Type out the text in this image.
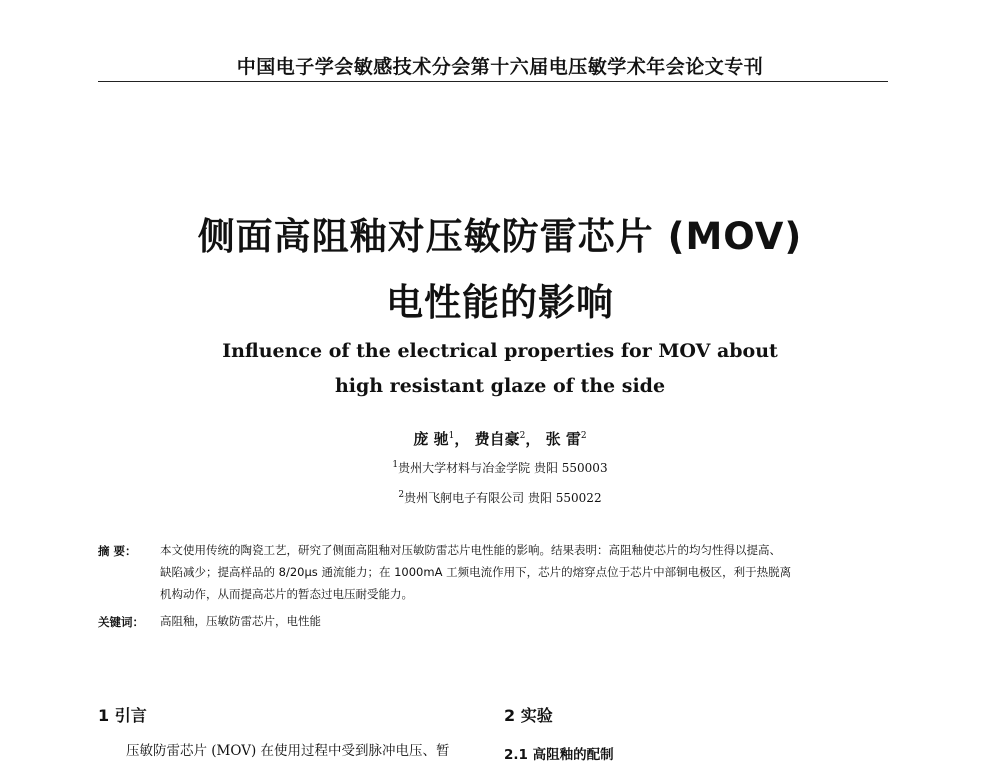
中国电子学会敏感技术分会第十六届电压敏学术年会论文专刊
侧面高阻釉对压敏防雷芯片 (MOV)
电性能的影响
Influence of the electrical properties for MOV about
high resistant glaze of the side
庞 驰$^1$， 费自豪$^2$， 张 雷$^2$
$^1$贵州大学材料与冶金学院 贵阳 550003
$^2$贵州飞舸电子有限公司 贵阳 550022
摘 要： 本文使用传统的陶瓷工艺，研究了侧面高阻釉对压敏防雷芯片电性能的影响。结果表明：高阻釉使芯片的均匀性得以提高、
缺陷减少；提高样品的 8/20μs 通流能力；在 1000mA 工频电流作用下，芯片的熔穿点位于芯片中部铜电极区，利于热脱离
机构动作，从而提高芯片的暂态过电压耐受能力。
关键词： 高阻釉，压敏防雷芯片，电性能
1 引言
压敏防雷芯片 (MOV) 在使用过程中受到脉冲电压、暂
2 实验
2.1 高阻釉的配制
